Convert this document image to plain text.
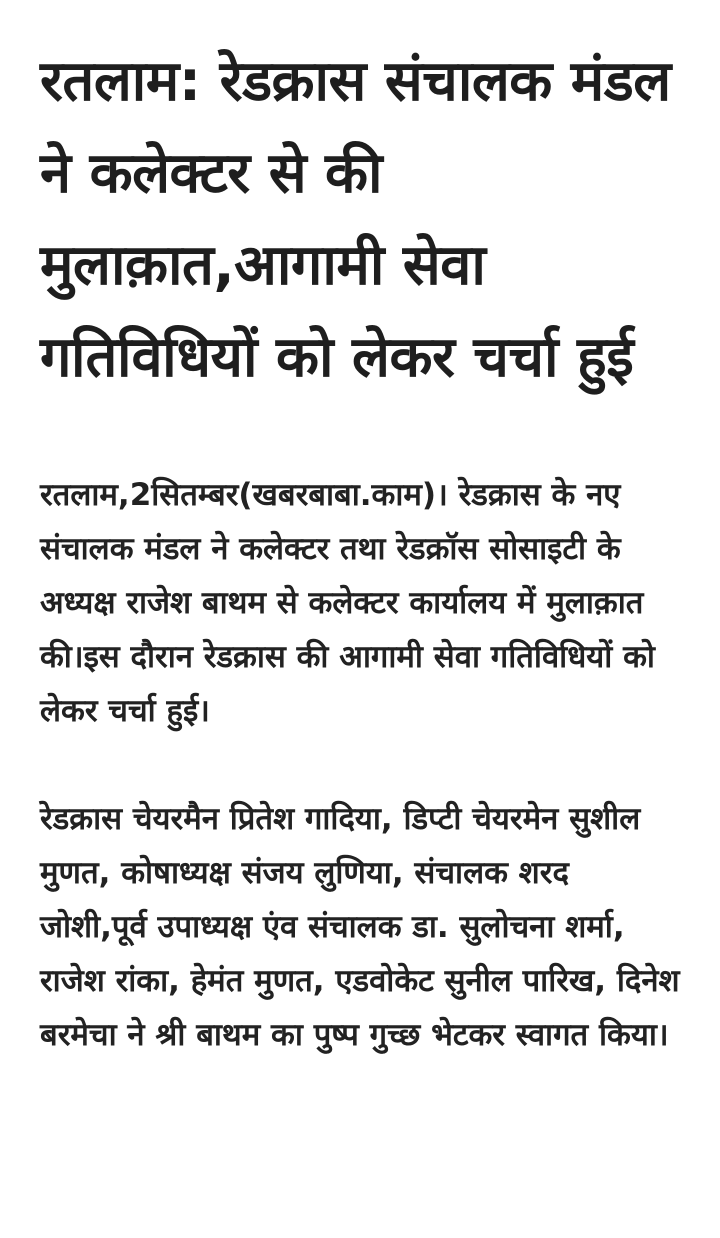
रतलाम: रेडक्रास संचालक मंडल ने कलेक्टर से की मुलाक़ात,आगामी सेवा गतिविधियों को लेकर चर्चा हुई

रतलाम,2सितम्बर(खबरबाबा.काम)। रेडक्रास के नए संचालक मंडल ने कलेक्टर तथा रेडक्रॉस सोसाइटी के अध्यक्ष राजेश बाथम से कलेक्टर कार्यालय में मुलाक़ात की।इस दौरान रेडक्रास की आगामी सेवा गतिविधियों को लेकर चर्चा हुई।

रेडक्रास चेयरमैन प्रितेश गादिया, डिप्टी चेयरमेन सुशील मुणत, कोषाध्यक्ष संजय लुणिया, संचालक शरद जोशी,पूर्व उपाध्यक्ष एंव संचालक डा. सुलोचना शर्मा, राजेश रांका, हेमंत मुणत, एडवोकेट सुनील पारिख, दिनेश बरमेचा ने श्री बाथम का पुष्प गुच्छ भेटकर स्वागत किया।
